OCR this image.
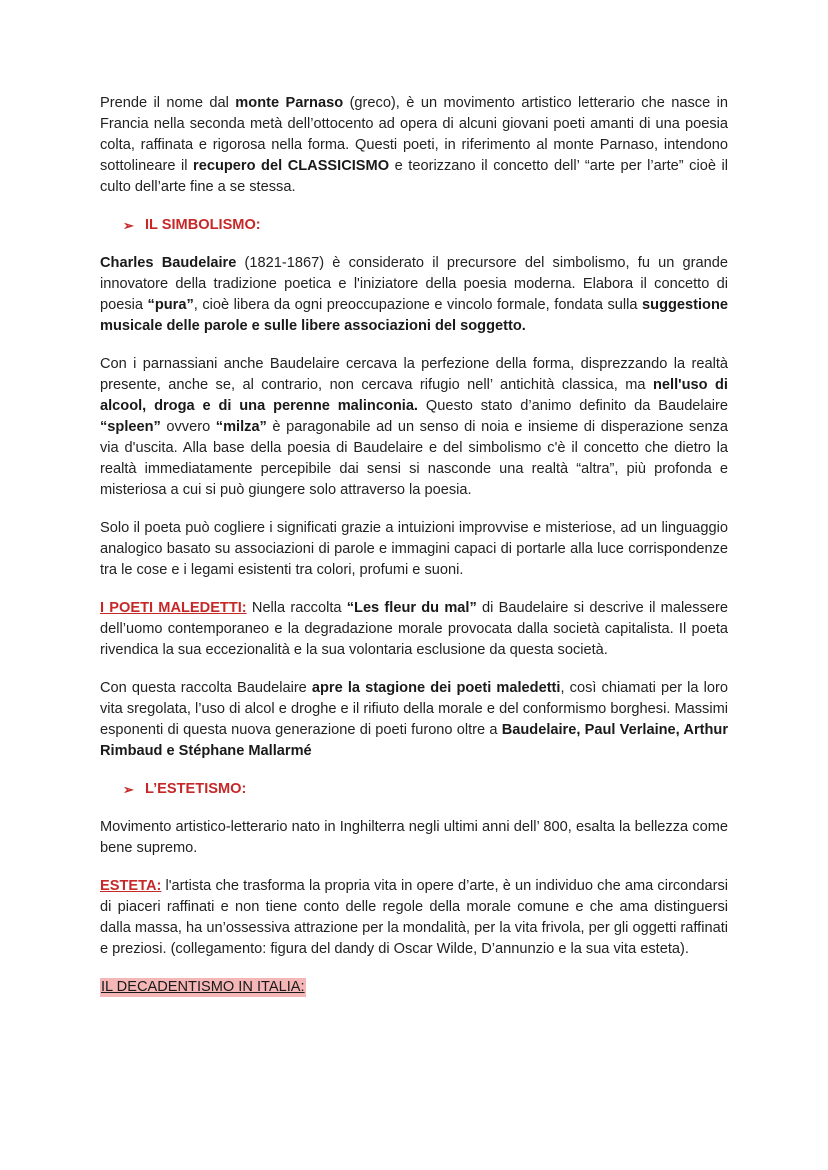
Prende il nome dal monte Parnaso (greco), è un movimento artistico letterario che nasce in Francia nella seconda metà dell’ottocento ad opera di alcuni giovani poeti amanti di una poesia colta, raffinata e rigorosa nella forma. Questi poeti, in riferimento al monte Parnaso, intendono sottolineare il recupero del CLASSICISMO e teorizzano il concetto dell’ “arte per l’arte” cioè il culto dell’arte fine a se stessa.

➢ IL SIMBOLISMO:

Charles Baudelaire (1821-1867) è considerato il precursore del simbolismo, fu un grande innovatore della tradizione poetica e l'iniziatore della poesia moderna. Elabora il concetto di poesia “pura”, cioè libera da ogni preoccupazione e vincolo formale, fondata sulla suggestione musicale delle parole e sulle libere associazioni del soggetto.

Con i parnassiani anche Baudelaire cercava la perfezione della forma, disprezzando la realtà presente, anche se, al contrario, non cercava rifugio nell’ antichità classica, ma nell'uso di alcool, droga e di una perenne malinconia. Questo stato d’animo definito da Baudelaire “spleen” ovvero “milza” è paragonabile ad un senso di noia e insieme di disperazione senza via d'uscita. Alla base della poesia di Baudelaire e del simbolismo c'è il concetto che dietro la realtà immediatamente percepibile dai sensi si nasconde una realtà “altra”, più profonda e misteriosa a cui si può giungere solo attraverso la poesia.

Solo il poeta può cogliere i significati grazie a intuizioni improvvise e misteriose, ad un linguaggio analogico basato su associazioni di parole e immagini capaci di portarle alla luce corrispondenze tra le cose e i legami esistenti tra colori, profumi e suoni.

I POETI MALEDETTI: Nella raccolta “Les fleur du mal” di Baudelaire si descrive il malessere dell’uomo contemporaneo e la degradazione morale provocata dalla società capitalista. Il poeta rivendica la sua eccezionalità e la sua volontaria esclusione da questa società.

Con questa raccolta Baudelaire apre la stagione dei poeti maledetti, così chiamati per la loro vita sregolata, l’uso di alcol e droghe e il rifiuto della morale e del conformismo borghesi. Massimi esponenti di questa nuova generazione di poeti furono oltre a Baudelaire, Paul Verlaine, Arthur Rimbaud e Stéphane Mallarmé

➢ L’ESTETISMO:

Movimento artistico-letterario nato in Inghilterra negli ultimi anni dell’ 800, esalta la bellezza come bene supremo.

ESTETA: l'artista che trasforma la propria vita in opere d’arte, è un individuo che ama circondarsi di piaceri raffinati e non tiene conto delle regole della morale comune e che ama distinguersi dalla massa, ha un’ossessiva attrazione per la mondalità, per la vita frivola, per gli oggetti raffinati e preziosi. (collegamento: figura del dandy di Oscar Wilde, D’annunzio e la sua vita esteta).

IL DECADENTISMO IN ITALIA:
